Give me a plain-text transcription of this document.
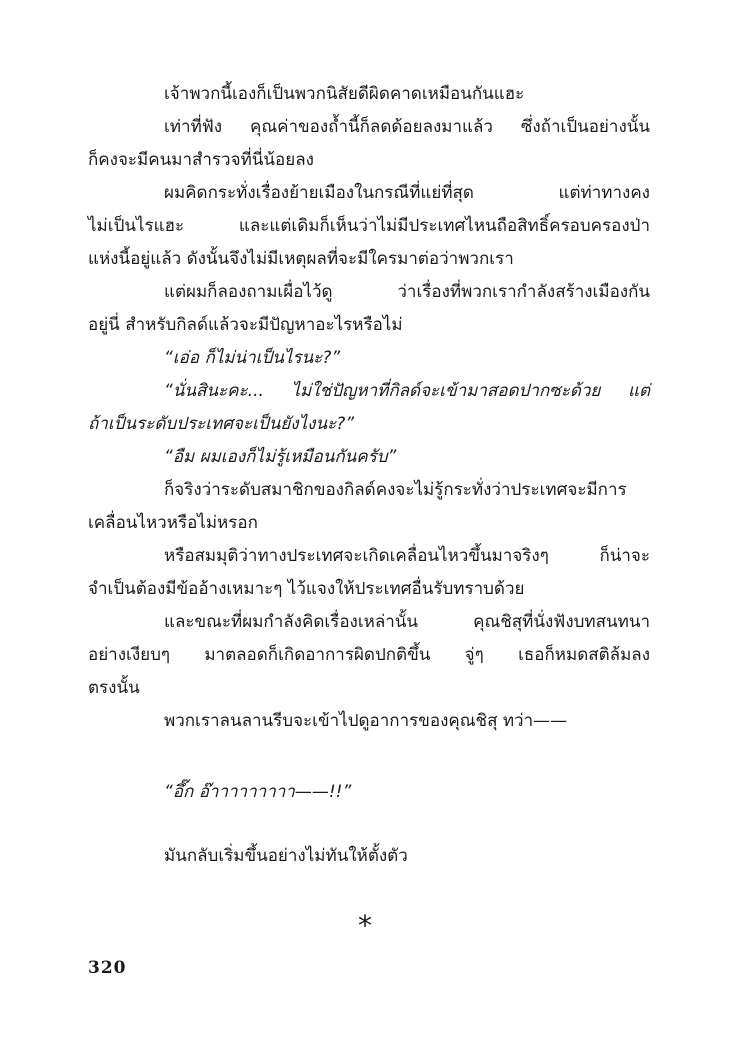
เจ้าพวกนี้เองก็เป็นพวกนิสัยดีผิดคาดเหมือนกันแฮะ
เท่าที่ฟัง คุณค่าของถ้ำนี้ก็ลดด้อยลงมาแล้ว ซึ่งถ้าเป็นอย่างนั้น
ก็คงจะมีคนมาสำรวจที่นี่น้อยลง
ผมคิดกระทั่งเรื่องย้ายเมืองในกรณีที่แย่ที่สุด แต่ท่าทางคง
ไม่เป็นไรแฮะ และแต่เดิมก็เห็นว่าไม่มีประเทศไหนถือสิทธิ์ครอบครองป่า
แห่งนี้อยู่แล้ว ดังนั้นจึงไม่มีเหตุผลที่จะมีใครมาต่อว่าพวกเรา
แต่ผมก็ลองถามเผื่อไว้ดู ว่าเรื่องที่พวกเรากำลังสร้างเมืองกัน
อยู่นี่ สำหรับกิลด์แล้วจะมีปัญหาอะไรหรือไม่
“เอ่อ ก็ไม่น่าเป็นไรนะ?”
“นั่นสินะคะ... ไม่ใช่ปัญหาที่กิลด์จะเข้ามาสอดปากซะด้วย แต่
ถ้าเป็นระดับประเทศจะเป็นยังไงนะ?”
“อืม ผมเองก็ไม่รู้เหมือนกันครับ”
ก็จริงว่าระดับสมาชิกของกิลด์คงจะไม่รู้กระทั่งว่าประเทศจะมีการ
เคลื่อนไหวหรือไม่หรอก
หรือสมมุติว่าทางประเทศจะเกิดเคลื่อนไหวขึ้นมาจริงๆ ก็น่าจะ
จำเป็นต้องมีข้ออ้างเหมาะๆ ไว้แจงให้ประเทศอื่นรับทราบด้วย
และขณะที่ผมกำลังคิดเรื่องเหล่านั้น คุณชิสุที่นั่งฟังบทสนทนา
อย่างเงียบๆ มาตลอดก็เกิดอาการผิดปกติขึ้น จู่ๆ เธอก็หมดสติล้มลง
ตรงนั้น
พวกเราลนลานรีบจะเข้าไปดูอาการของคุณชิสุ ทว่า——
“อึ๊ก อ๊าาาาาาาาา——!!”
มันกลับเริ่มขึ้นอย่างไม่ทันให้ตั้งตัว
*
320
